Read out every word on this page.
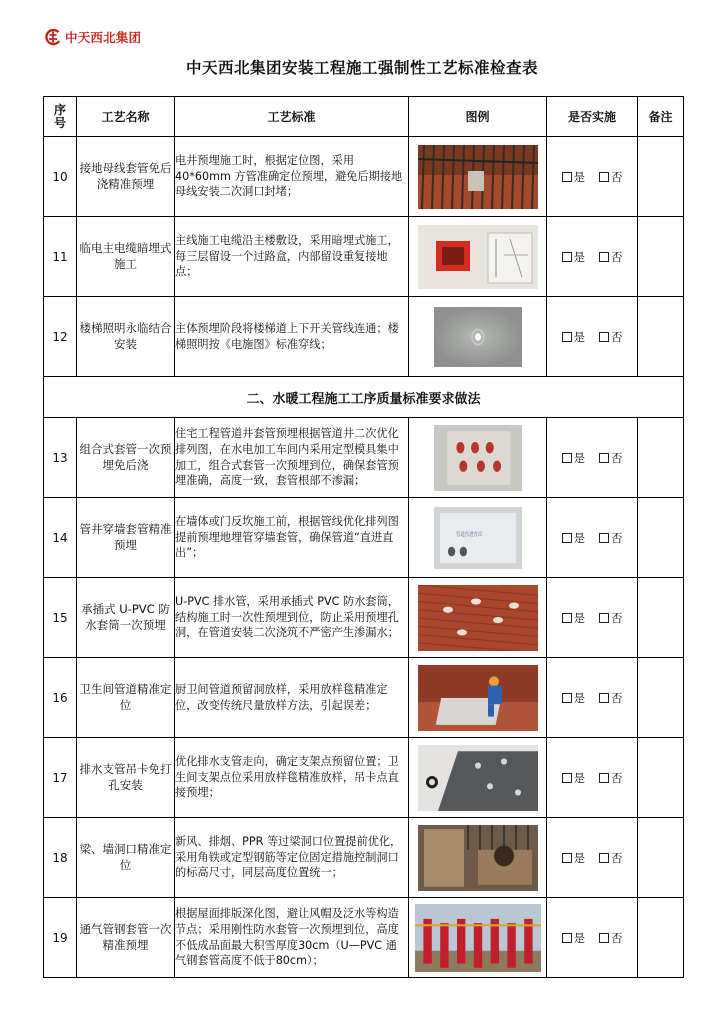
中天西北集团
中天西北集团安装工程施工强制性工艺标准检查表
序号	工艺名称	工艺标准	图例	是否实施	备注
10	接地母线套管免后浇精准预埋	电井预埋施工时，根据定位图，采用40*60mm 方管准确定位预埋，避免后期接地母线安装二次洞口封堵；		是 否	
11	临电主电缆暗埋式施工	主线施工电缆沿主楼敷设，采用暗埋式施工，每三层留设一个过路盒，内部留设重复接地点；		是 否	
12	楼梯照明永临结合安装	主体预埋阶段将楼梯道上下开关管线连通；楼梯照明按《电施图》标准穿线；		是 否	
二、水暖工程施工工序质量标准要求做法					
13	组合式套管一次预埋免后浇	住宅工程管道井套管预埋根据管道井二次优化排列图，在水电加工车间内采用定型模具集中加工，组合式套管一次预埋到位，确保套管预埋准确，高度一致，套管根部不渗漏；		是 否	
14	管井穿墙套管精准预埋	在墙体或门反坎施工前，根据管线优化排列图提前预埋地埋管穿墙套管，确保管道“直进直出”；	管道直进直出	是 否	
15	承插式 U-PVC 防水套筒一次预埋	U-PVC 排水管，采用承插式 PVC 防水套筒，结构施工时一次性预埋到位，防止采用预埋孔洞，在管道安装二次浇筑不严密产生渗漏水；		是 否	
16	卫生间管道精准定位	厨卫间管道预留洞放样，采用放样毯精准定位，改变传统尺量放样方法，引起误差；		是 否	
17	排水支管吊卡免打孔安装	优化排水支管走向，确定支架点预留位置；卫生间支架点位采用放样毯精准放样，吊卡点直接预埋；		是 否	
18	梁、墙洞口精准定位	新风、排烟、PPR 等过梁洞口位置提前优化，采用角铁或定型钢筋等定位固定措施控制洞口的标高尺寸，同层高度位置统一；		是 否	
19	通气管钢套管一次精准预埋	根据屋面排版深化图，避让风帽及泛水等构造节点；采用刚性防水套管一次预埋到位，高度不低成品面最大积雪厚度30cm（U—PVC 通气钢套管高度不低于80cm）；		是 否	
